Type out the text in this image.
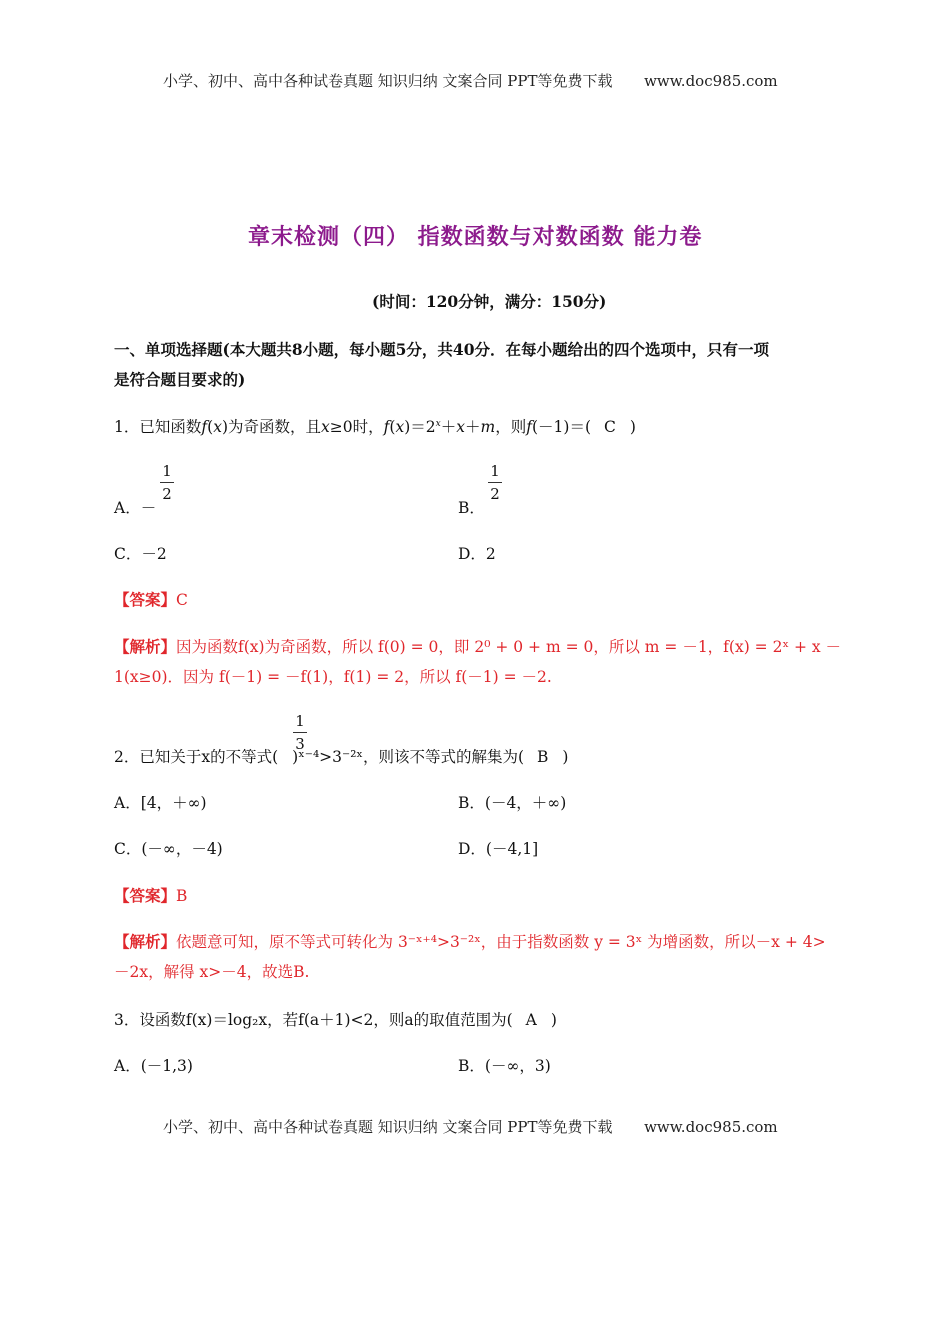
小学、初中、高中各种试卷真题 知识归纳 文案合同 PPT等免费下载 www.doc985.com
章末检测（四） 指数函数与对数函数 能力卷
(时间：120分钟，满分：150分)
一、单项选择题(本大题共8小题，每小题5分，共40分．在每小题给出的四个选项中，只有一项
是符合题目要求的)
1．已知函数f(x)为奇函数，且x≥0时，$f(x)=2^x+x+m$，则f(－1)＝( C )
A．－
1
2
B．
1
2
C．－2	D．2
【答案】C
【解析】因为函数f(x)为奇函数，所以 f(0) = 0，即 2⁰ + 0 + m = 0，所以 m = －1，f(x) = 2ˣ + x －
1(x≥0)．因为 f(－1) = －f(1)，f(1) = 2，所以 f(－1) = －2.
1
3
2．已知关于x的不等式( )ˣ⁻⁴>3⁻²ˣ，则该不等式的解集为( B )
A．[4，＋∞)	B．(－4，＋∞)
C．(－∞，－4)	D．(－4,1]
【答案】B
【解析】依题意可知，原不等式可转化为 3⁻ˣ⁺⁴>3⁻²ˣ，由于指数函数 y = 3ˣ 为增函数，所以－x + 4>
－2x，解得 x>－4，故选B.
3．设函数f(x)＝log₂x，若f(a＋1)<2，则a的取值范围为( A )
A．(－1,3)	B．(－∞，3)
小学、初中、高中各种试卷真题 知识归纳 文案合同 PPT等免费下载 www.doc985.com
